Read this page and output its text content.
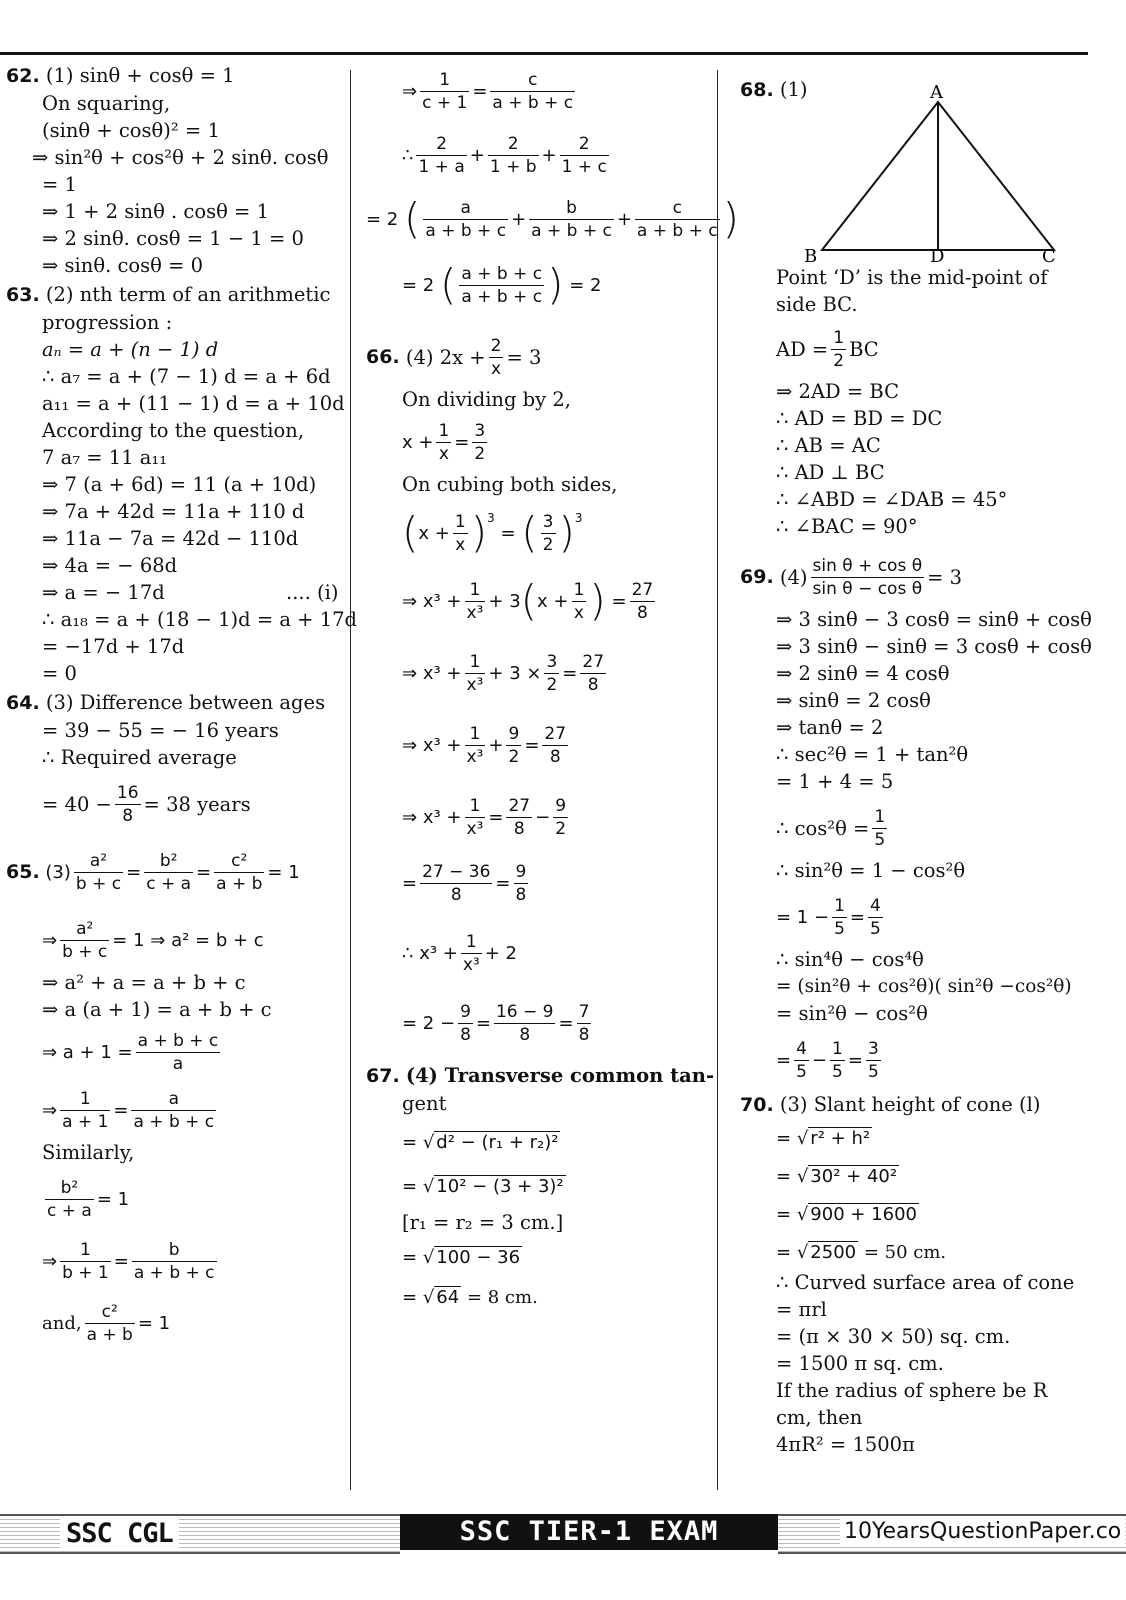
62. (1) sinθ + cosθ = 1
On squaring,
(sinθ + cosθ)² = 1
⇒ sin²θ + cos²θ + 2 sinθ. cosθ
= 1
⇒ 1 + 2 sinθ . cosθ = 1
⇒ 2 sinθ. cosθ = 1 − 1 = 0
⇒ sinθ. cosθ = 0
63. (2) nth term of an arithmetic
progression :
aₙ = a + (n − 1) d
∴ a₇ = a + (7 − 1) d = a + 6d
a₁₁ = a + (11 − 1) d = a + 10d
According to the question,
7 a₇ = 11 a₁₁
⇒ 7 (a + 6d) = 11 (a + 10d)
⇒ 7a + 42d = 11a + 110 d
⇒ 11a − 7a = 42d − 110d
⇒ 4a = − 68d
⇒ a = − 17d	.... (i)
∴ a₁₈ = a + (18 − 1)d = a + 17d
= −17d + 17d
= 0
64. (3) Difference between ages
= 39 − 55 = − 16 years
∴ Required average
= $40 - \frac{16}{8} = 38$ years
65.
$(3) \frac{\text{a²}}{b + c} = \frac{\text{b²}}{c + a} = \frac{\text{c²}}{a + b} = 1$
⇒ $\frac{\text{a²}}{b + c} = 1$ ⇒ a² = b + c
⇒ a² + a = a + b + c
⇒ a (a + 1) = a + b + c
⇒ $a + 1 = \frac{a + b + c}{a}$
⇒ $\frac{1}{a + 1} = \frac{a}{a + b + c}$
Similarly,
$\frac{\text{b²}}{c + a} = 1$
⇒ $\frac{1}{b + 1} = \frac{b}{a + b + c}$
and, $\frac{\text{c²}}{a + b} = 1$
⇒ $\frac{1}{c + 1} = \frac{c}{a + b + c}$
∴ $\frac{2}{1 + a} + \frac{2}{1 + b} + \frac{2}{1 + c}$
= 2
( $\frac{a}{a + b + c} + \frac{b}{a + b + c} + \frac{c}{a + b + c}$ )
= 2
( $\frac{a + b + c}{a + b + c}$ )
= 2
66.
(4) $2x + \frac{2}{x} = 3$
On dividing by 2,
$x + \frac{1}{x} = \frac{3}{2}$
On cubing both sides,
( $x + \frac{1}{x} )^3$

=
( $\frac{3}{2} )^3$
⇒
$x^3 + \frac{1}{\text{x³}} + 3$ ( $x + \frac{1}{x}$ )
= $\frac{27}{8}$
⇒
$x^3 + \frac{1}{\text{x³}} + 3 \times \frac{3}{2} = \frac{27}{8}$
⇒
$x^3 + \frac{1}{\text{x³}} + \frac{9}{2} = \frac{27}{8}$
⇒
$x^3 + \frac{1}{\text{x³}} = \frac{27}{8} - \frac{9}{2}$
= $\frac{27 - 36}{8} = \frac{9}{8}$
∴
$x^3 + \frac{1}{\text{x³}} + 2$
= $2 - \frac{9}{8} = \frac{16 - 9}{8} = \frac{7}{8}$
67. (4) Transverse common tan-
gent
= √ d² − (r₁ + r₂)²
= √ 10² − (3 + 3)²
[r₁ = r₂ = 3 cm.]
= √ 100 − 36
= √ 64
= 8 cm.
68. (1)	A
B	D	C
Point ‘D’ is the mid-point of
side BC.
AD = $\frac{1}{2}$ BC
⇒ 2AD = BC
∴ AD = BD = DC
∴ AB = AC
∴ AD ⊥ BC
∴ ∠ABD = ∠DAB = 45°
∴ ∠BAC = 90°
69.
$(4) \frac{\text{sin θ + cos θ}}{\text{sin θ − cos θ}} = 3$
⇒ 3 sinθ − 3 cosθ = sinθ + cosθ
⇒ 3 sinθ − sinθ = 3 cosθ + cosθ
⇒ 2 sinθ = 4 cosθ
⇒ sinθ = 2 cosθ
⇒ tanθ = 2
∴ sec²θ = 1 + tan²θ
= 1 + 4 = 5
∴ $\cos^2\theta = \frac{1}{5}$
∴ sin²θ = 1 − cos²θ
= $1 - \frac{1}{5} = \frac{4}{5}$
∴ sin⁴θ − cos⁴θ
= (sin²θ + cos²θ)( sin²θ −cos²θ)
= sin²θ − cos²θ
= $\frac{4}{5} - \frac{1}{5} = \frac{3}{5}$
70. (3) Slant height of cone (l)
= √ r² + h²
= √ 30² + 40²
= √ 900 + 1600
= √ 2500
= 50 cm.
∴ Curved surface area of cone
= πrl
= (π × 30 × 50) sq. cm.
= 1500 π sq. cm.
If the radius of sphere be R
cm, then
4πR² = 1500π
SSC CGL	SSC TIER-1 EXAM	10YearsQuestionPaper.co
